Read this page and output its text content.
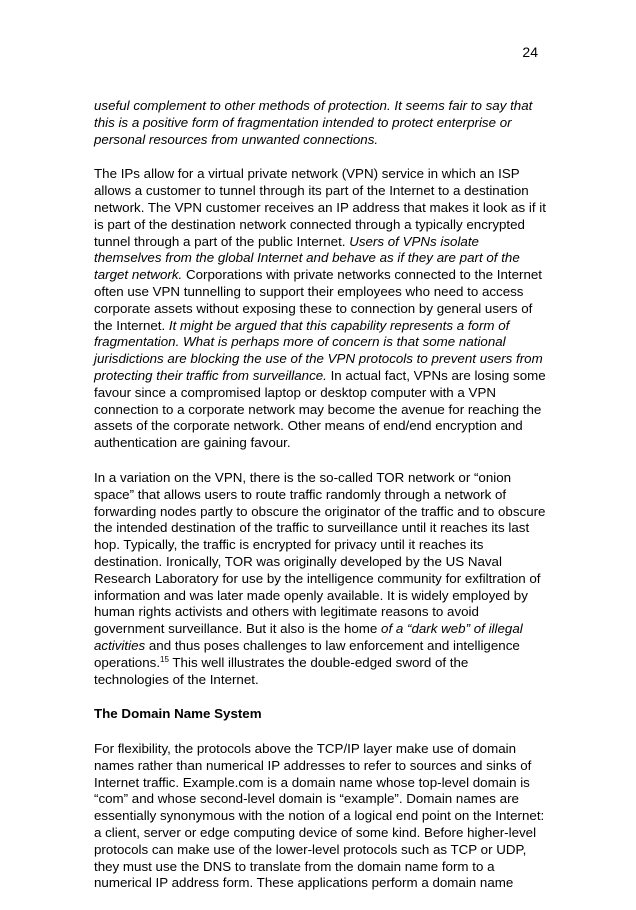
24

useful complement to other methods of protection. It seems fair to say that this is a positive form of fragmentation intended to protect enterprise or personal resources from unwanted connections.

The IPs allow for a virtual private network (VPN) service in which an ISP allows a customer to tunnel through its part of the Internet to a destination network. The VPN customer receives an IP address that makes it look as if it is part of the destination network connected through a typically encrypted tunnel through a part of the public Internet. Users of VPNs isolate themselves from the global Internet and behave as if they are part of the target network. Corporations with private networks connected to the Internet often use VPN tunnelling to support their employees who need to access corporate assets without exposing these to connection by general users of the Internet. It might be argued that this capability represents a form of fragmentation. What is perhaps more of concern is that some national jurisdictions are blocking the use of the VPN protocols to prevent users from protecting their traffic from surveillance. In actual fact, VPNs are losing some favour since a compromised laptop or desktop computer with a VPN connection to a corporate network may become the avenue for reaching the assets of the corporate network. Other means of end/end encryption and authentication are gaining favour.

In a variation on the VPN, there is the so-called TOR network or “onion space” that allows users to route traffic randomly through a network of forwarding nodes partly to obscure the originator of the traffic and to obscure the intended destination of the traffic to surveillance until it reaches its last hop. Typically, the traffic is encrypted for privacy until it reaches its destination. Ironically, TOR was originally developed by the US Naval Research Laboratory for use by the intelligence community for exfiltration of information and was later made openly available. It is widely employed by human rights activists and others with legitimate reasons to avoid government surveillance. But it also is the home of a “dark web” of illegal activities and thus poses challenges to law enforcement and intelligence operations.$^{15}$ This well illustrates the double-edged sword of the technologies of the Internet.

The Domain Name System

For flexibility, the protocols above the TCP/IP layer make use of domain names rather than numerical IP addresses to refer to sources and sinks of Internet traffic. Example.com is a domain name whose top-level domain is “com” and whose second-level domain is “example”. Domain names are essentially synonymous with the notion of a logical end point on the Internet: a client, server or edge computing device of some kind. Before higher-level protocols can make use of the lower-level protocols such as TCP or UDP, they must use the DNS to translate from the domain name form to a numerical IP address form. These applications perform a domain name
